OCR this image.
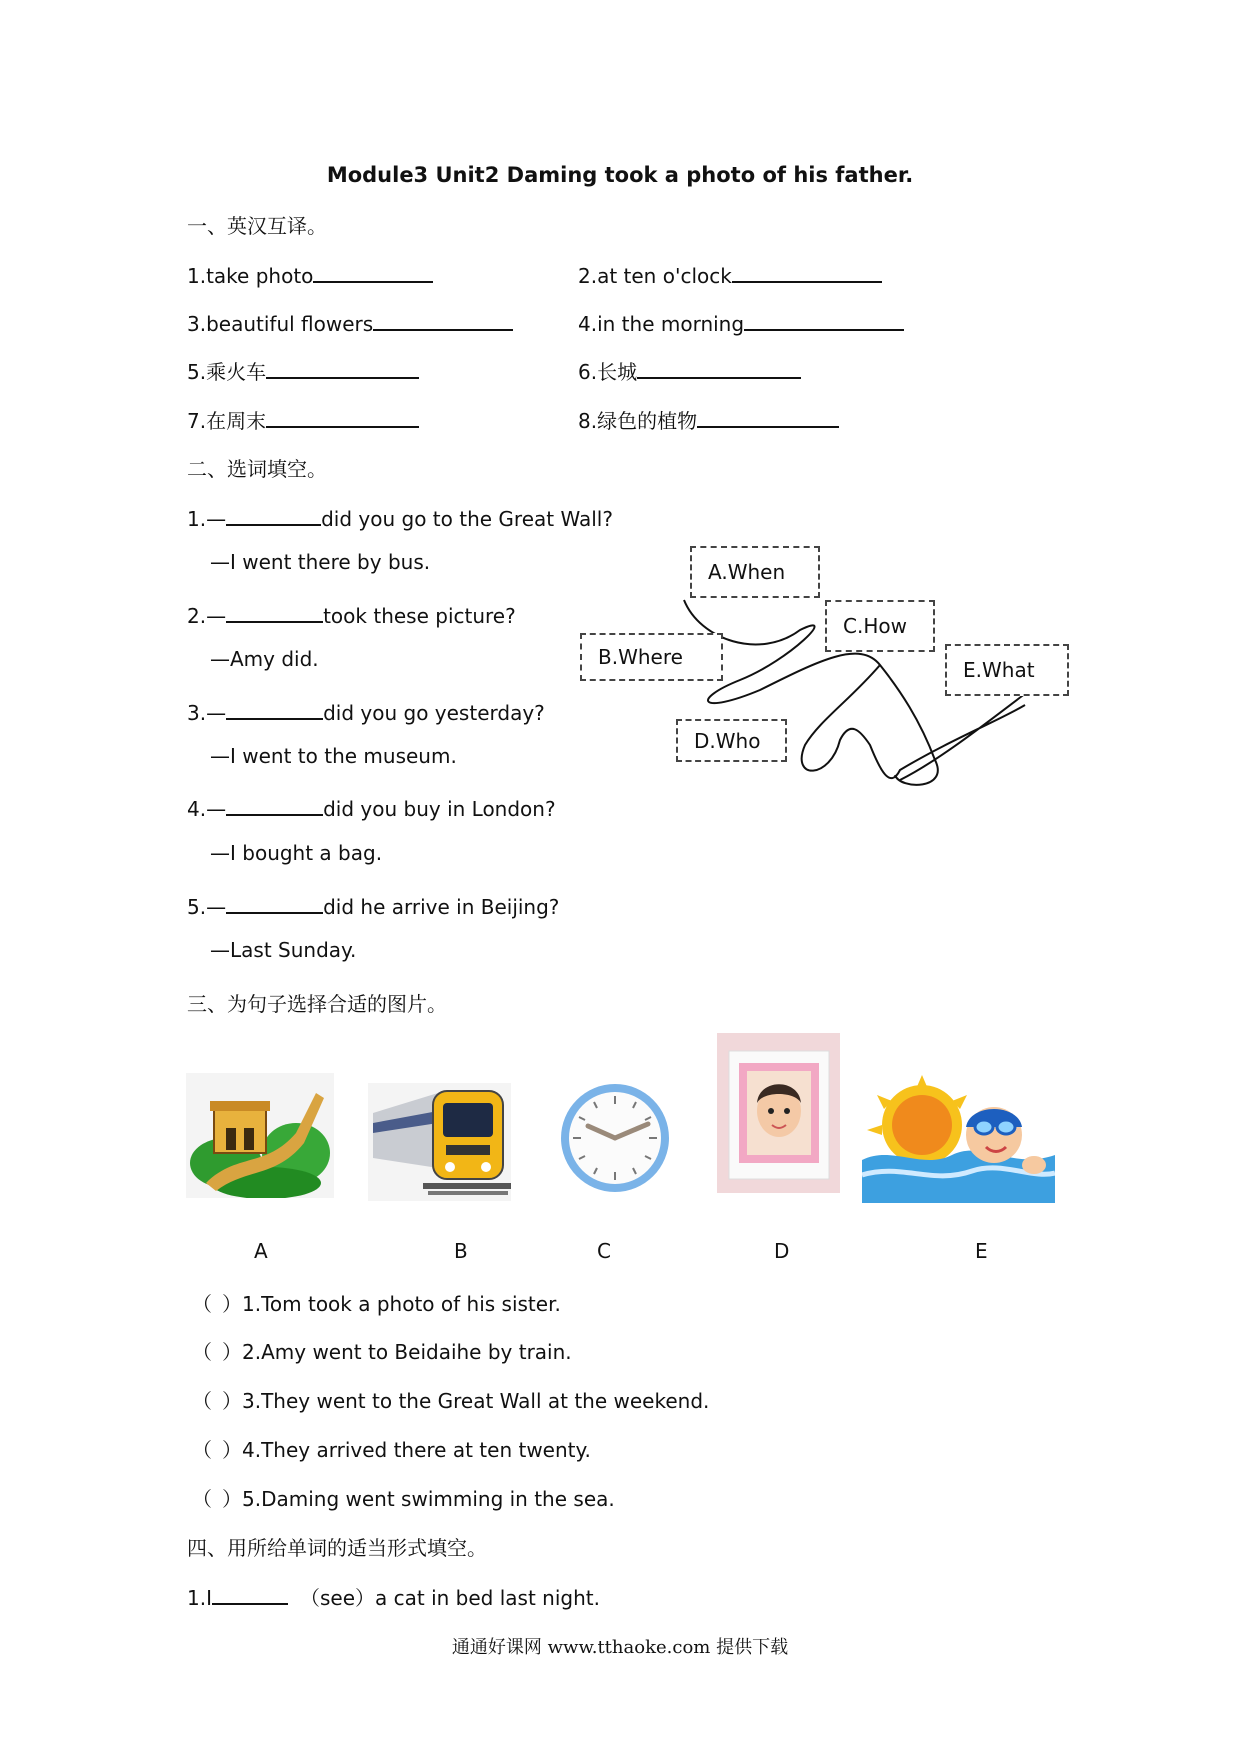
Module3 Unit2 Daming took a photo of his father.
一、英汉互译。
1.take photo	2.at ten o'clock
3.beautiful flowers	4.in the morning
5.乘火车	6.长城
7.在周末	8.绿色的植物
二、选词填空。
1.—	did you go to the Great Wall?
—I went there by bus.
2.—	took these picture?
—Amy did.
3.—	did you go yesterday?
—I went to the museum.
4.—	did you buy in London?
—I bought a bag.
5.—	did he arrive in Beijing?
—Last Sunday.
A.When
C.How
B.Where
E.What
D.Who
三、为句子选择合适的图片。
A	B	C	D	E
（ ）1.Tom took a photo of his sister.
（ ）2.Amy went to Beidaihe by train.
（ ）3.They went to the Great Wall at the weekend.
（ ）4.They arrived there at ten twenty.
（ ）5.Daming went swimming in the sea.
四、用所给单词的适当形式填空。
1.I	（see）a cat in bed last night.
通通好课网 www.tthaoke.com 提供下载
